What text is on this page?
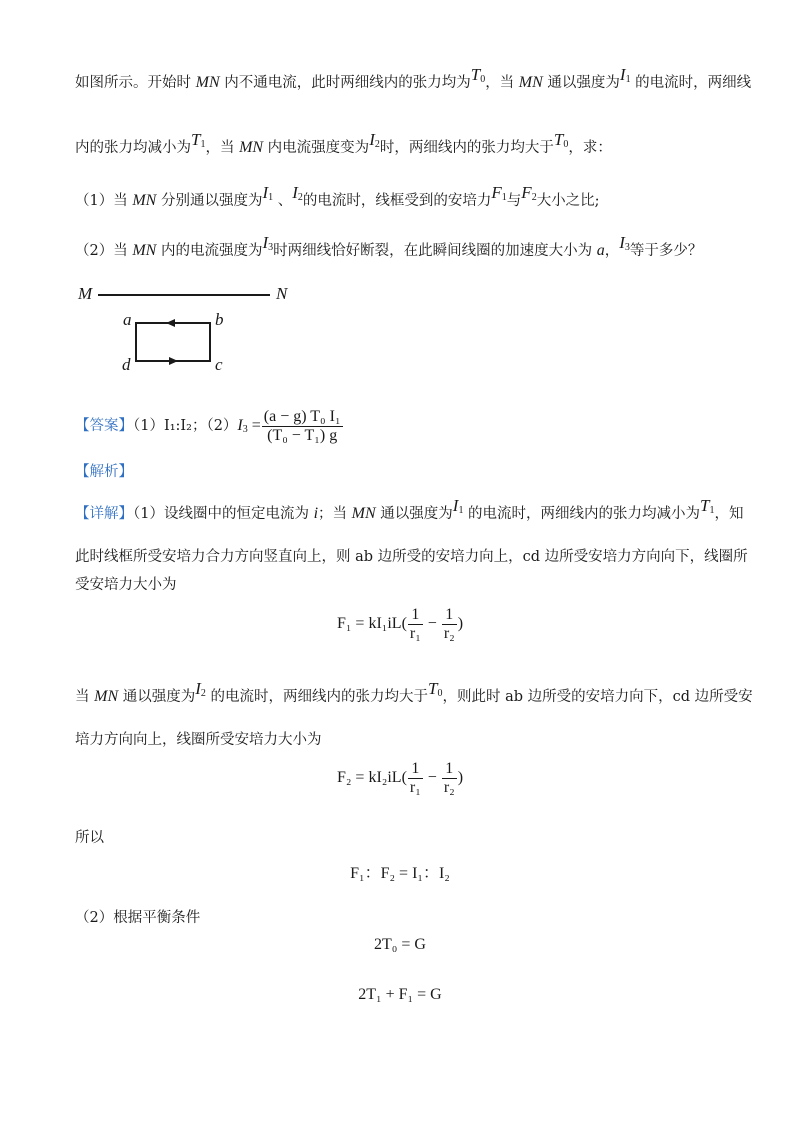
如图所示。开始时 MN 内不通电流，此时两细线内的张力均为$T_0$，当 MN 通以强度为$I_1$ 的电流时，两细线
内的张力均减小为$T_1$，当 MN 内电流强度变为$I_2$时，两细线内的张力均大于$T_0$，求：
（1）当 MN 分别通以强度为$I_1$ 、$I_2$的电流时，线框受到的安培力$F_1$与$F_2$大小之比;
（2）当 MN 内的电流强度为$I_3$时两细线恰好断裂，在此瞬间线圈的加速度大小为 a，$I_3$等于多少？
M	N
a	b
c
d
【答案】（1）I₁:I₂；$(2)I_3 = \frac{\text{(a − g) T₀ I₁}}{\text{(T₀ − T₁) g}}$
【解析】
【详解】（1）设线圈中的恒定电流为 i；当 MN 通以强度为$I_1$ 的电流时，两细线内的张力均减小为$T_1$，知
此时线框所受安培力合力方向竖直向上，则 ab 边所受的安培力向上，cd 边所受安培力方向向下，线圈所
受安培力大小为
$F_1 = kI_1iL( \frac{1}{\text{r₁}} - \frac{1}{\text{r₂}}$ )
当 MN 通以强度为$I_2$ 的电流时，两细线内的张力均大于$T_0$，则此时 ab 边所受的安培力向下，cd 边所受安
培力方向向上，线圈所受安培力大小为
$F_2 = kI_2iL( \frac{1}{\text{r₁}} - \frac{1}{\text{r₂}}$ )
所以
F₁：F₂ = I₁：I₂
（2）根据平衡条件
2T₀ = G
2T₁ + F₁ = G
